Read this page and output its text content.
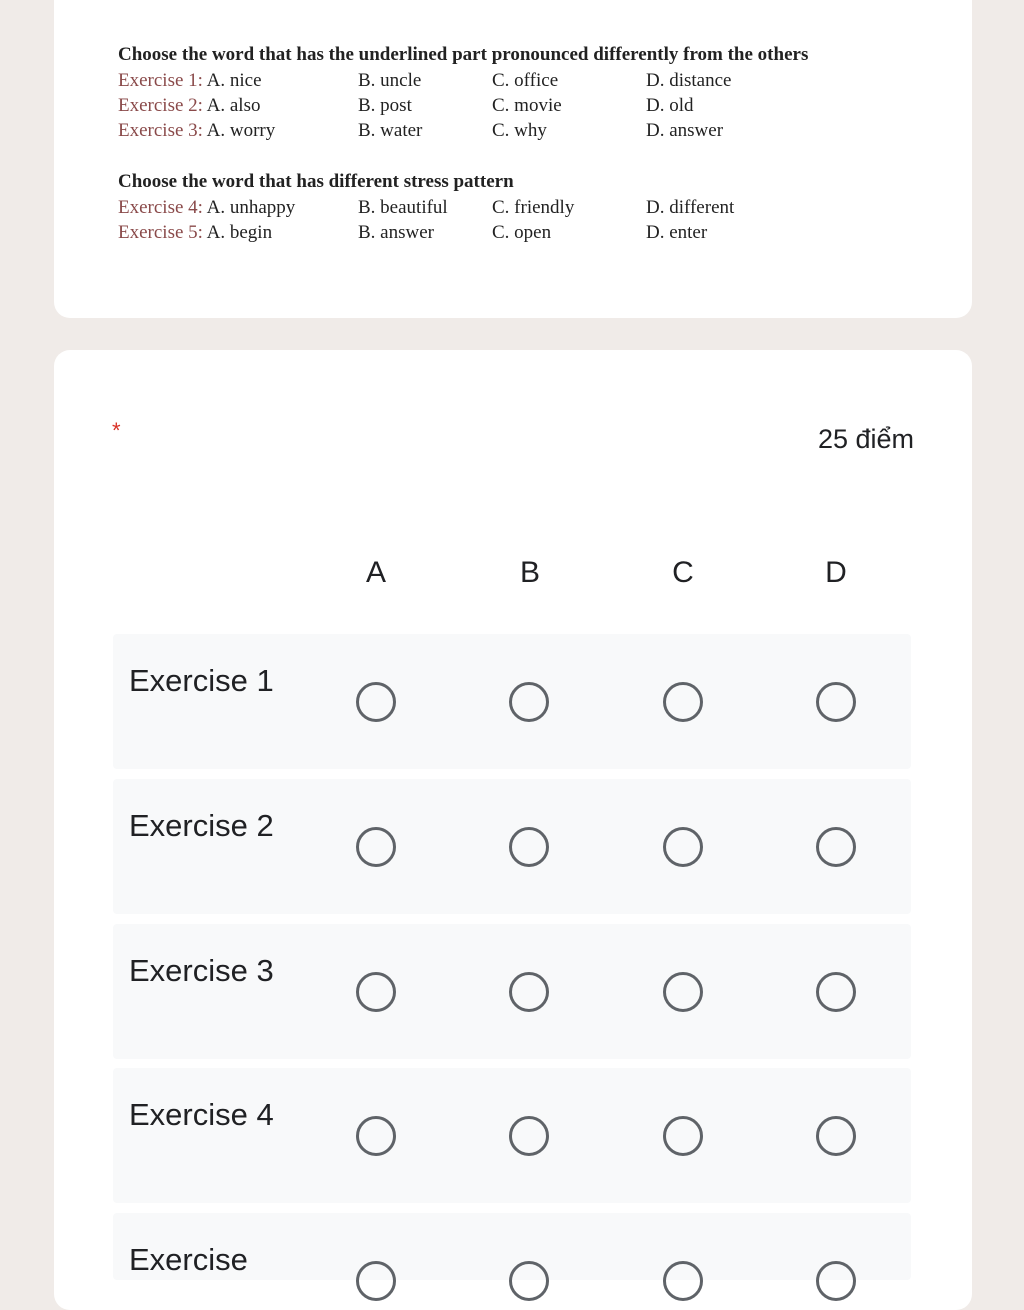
Choose the word that has the underlined part pronounced differently from the others
Exercise 1: A. nice	B. uncle	C. office	D. distance
Exercise 2: A. also	B. post	C. movie	D. old
Exercise 3: A. worry	B. water	C. why	D. answer
Choose the word that has different stress pattern
Exercise 4: A. unhappy	B. beautiful	C. friendly	D. different
Exercise 5: A. begin	B. answer	C. open	D. enter
*	25 điểm
A	B	C	D
Exercise 1
Exercise 2
Exercise 3
Exercise 4
Exercise
